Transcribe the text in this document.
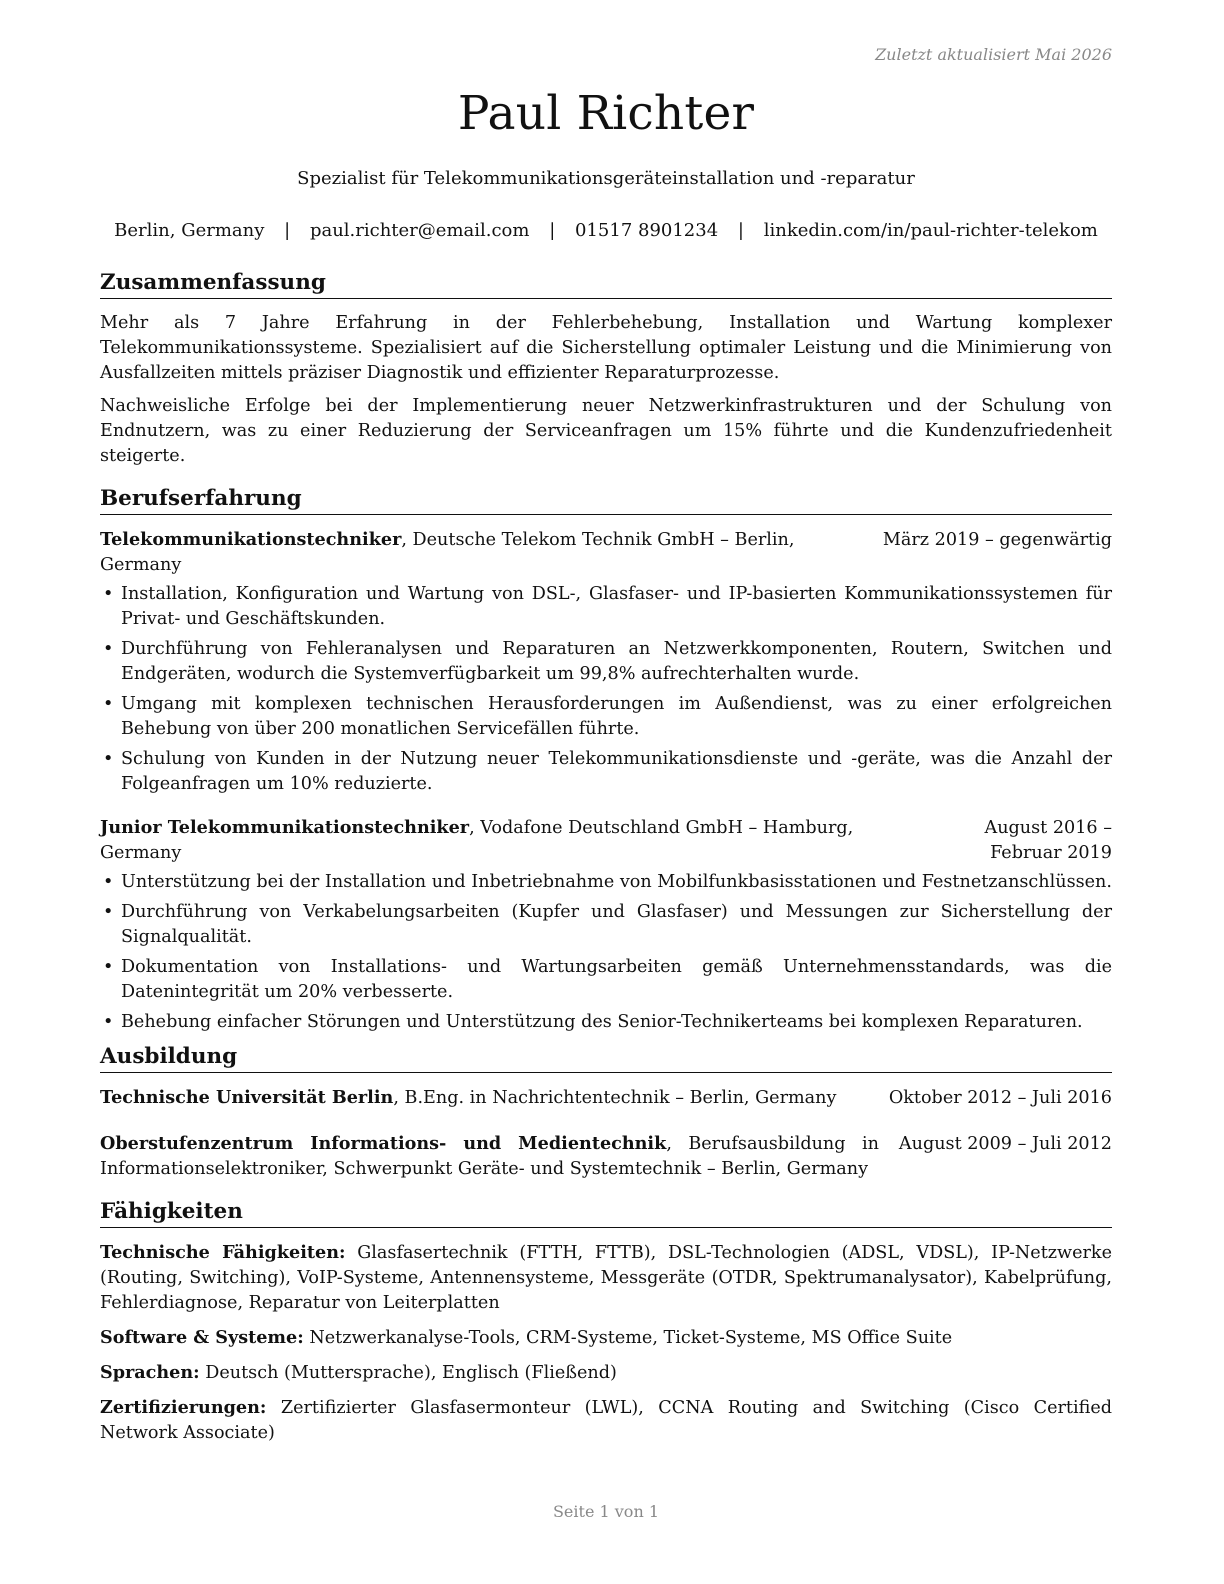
Zuletzt aktualisiert Mai 2026
Paul Richter
Spezialist für Telekommunikationsgeräteinstallation und -reparatur
Berlin, Germany | paul.richter@email.com | 01517 8901234 | linkedin.com/in/paul-richter-telekom
Zusammenfassung

Mehr als 7 Jahre Erfahrung in der Fehlerbehebung, Installation und Wartung komplexer Telekommunikationssysteme. Spezialisiert auf die Sicherstellung optimaler Leistung und die Minimierung von Ausfallzeiten mittels präziser Diagnostik und effizienter Reparaturprozesse.

Nachweisliche Erfolge bei der Implementierung neuer Netzwerkinfrastrukturen und der Schulung von Endnutzern, was zu einer Reduzierung der Serviceanfragen um 15% führte und die Kundenzufriedenheit steigerte.

Berufserfahrung
Telekommunikationstechniker, Deutsche Telekom Technik GmbH – Berlin, Germany
März 2019 – gegenwärtig
• Installation, Konfiguration und Wartung von DSL-, Glasfaser- und IP-basierten Kommunikationssystemen für Privat- und Geschäftskunden.
• Durchführung von Fehleranalysen und Reparaturen an Netzwerkkomponenten, Routern, Switchen und Endgeräten, wodurch die Systemverfügbarkeit um 99,8% aufrechterhalten wurde.
• Umgang mit komplexen technischen Herausforderungen im Außendienst, was zu einer erfolgreichen Behebung von über 200 monatlichen Servicefällen führte.
• Schulung von Kunden in der Nutzung neuer Telekommunikationsdienste und -geräte, was die Anzahl der Folgeanfragen um 10% reduzierte.
Junior Telekommunikationstechniker, Vodafone Deutschland GmbH – Hamburg, Germany
August 2016 – Februar 2019
• Unterstützung bei der Installation und Inbetriebnahme von Mobilfunkbasisstationen und Festnetzanschlüssen.
• Durchführung von Verkabelungsarbeiten (Kupfer und Glasfaser) und Messungen zur Sicherstellung der Signalqualität.
• Dokumentation von Installations- und Wartungsarbeiten gemäß Unternehmensstandards, was die Datenintegrität um 20% verbesserte.
• Behebung einfacher Störungen und Unterstützung des Senior-Technikerteams bei komplexen Reparaturen.
Ausbildung
Technische Universität Berlin, B.Eng. in Nachrichtentechnik – Berlin, Germany	Oktober 2012 – Juli 2016
Oberstufenzentrum Informations- und Medientechnik, Berufsausbildung in Informationselektroniker, Schwerpunkt Geräte- und Systemtechnik – Berlin, Germany
August 2009 – Juli 2012
Fähigkeiten

Technische Fähigkeiten: Glasfasertechnik (FTTH, FTTB), DSL-Technologien (ADSL, VDSL), IP-Netzwerke (Routing, Switching), VoIP-Systeme, Antennensysteme, Messgeräte (OTDR, Spektrumanalysator), Kabelprüfung, Fehlerdiagnose, Reparatur von Leiterplatten

Software & Systeme: Netzwerkanalyse-Tools, CRM-Systeme, Ticket-Systeme, MS Office Suite

Sprachen: Deutsch (Muttersprache), Englisch (Fließend)

Zertifizierungen: Zertifizierter Glasfasermonteur (LWL), CCNA Routing and Switching (Cisco Certified Network Associate)

Seite 1 von 1
